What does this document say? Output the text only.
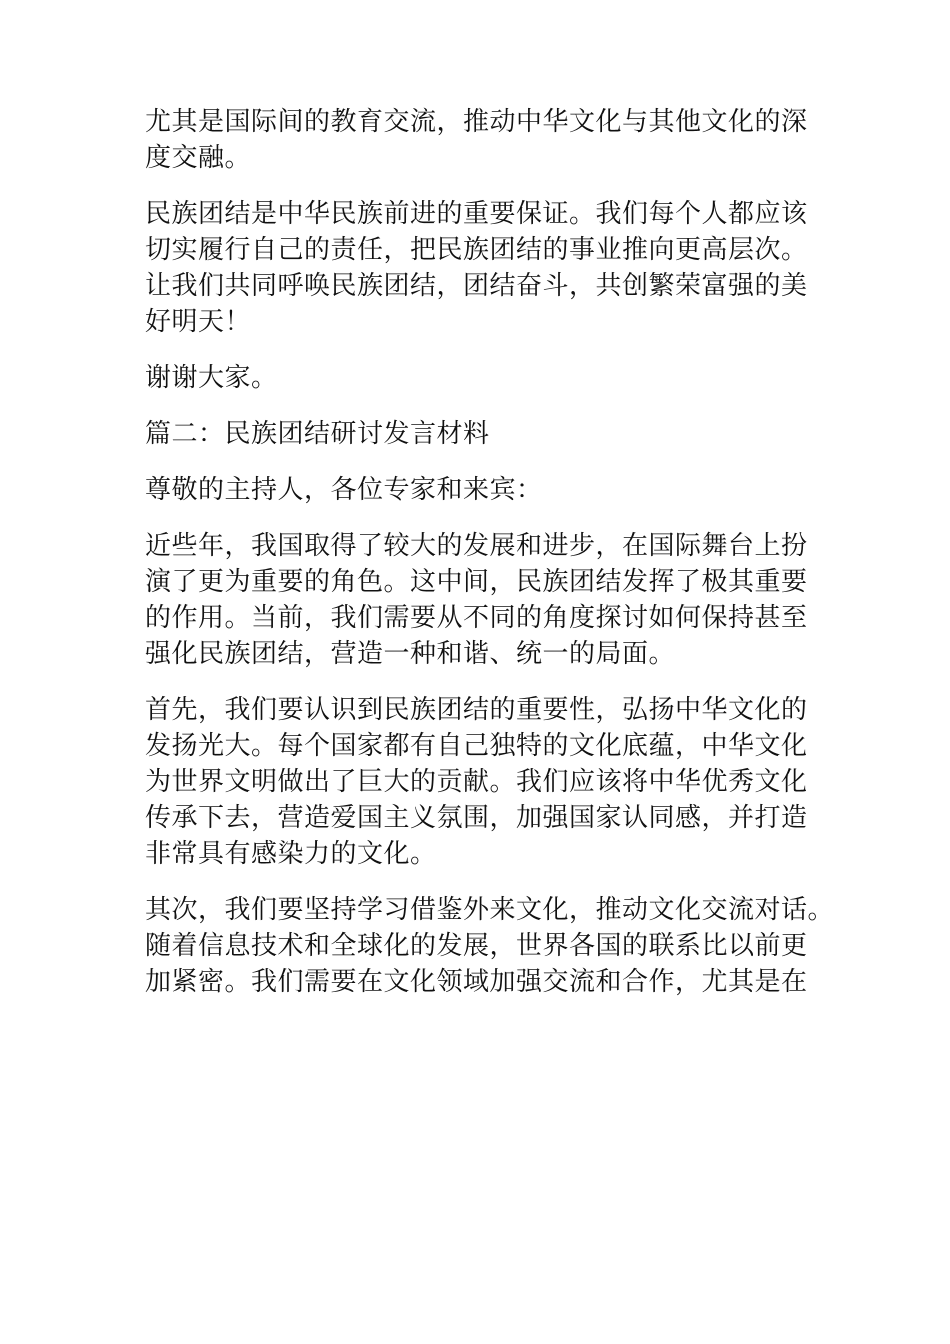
尤其是国际间的教育交流，推动中华文化与其他文化的深
度交融。
民族团结是中华民族前进的重要保证。我们每个人都应该
切实履行自己的责任，把民族团结的事业推向更高层次。
让我们共同呼唤民族团结，团结奋斗，共创繁荣富强的美
好明天！
谢谢大家。
篇二：民族团结研讨发言材料
尊敬的主持人，各位专家和来宾：
近些年，我国取得了较大的发展和进步，在国际舞台上扮
演了更为重要的角色。这中间，民族团结发挥了极其重要
的作用。当前，我们需要从不同的角度探讨如何保持甚至
强化民族团结，营造一种和谐、统一的局面。
首先，我们要认识到民族团结的重要性，弘扬中华文化的
发扬光大。每个国家都有自己独特的文化底蕴，中华文化
为世界文明做出了巨大的贡献。我们应该将中华优秀文化
传承下去，营造爱国主义氛围，加强国家认同感，并打造
非常具有感染力的文化。
其次，我们要坚持学习借鉴外来文化，推动文化交流对话。
随着信息技术和全球化的发展，世界各国的联系比以前更
加紧密。我们需要在文化领域加强交流和合作，尤其是在
